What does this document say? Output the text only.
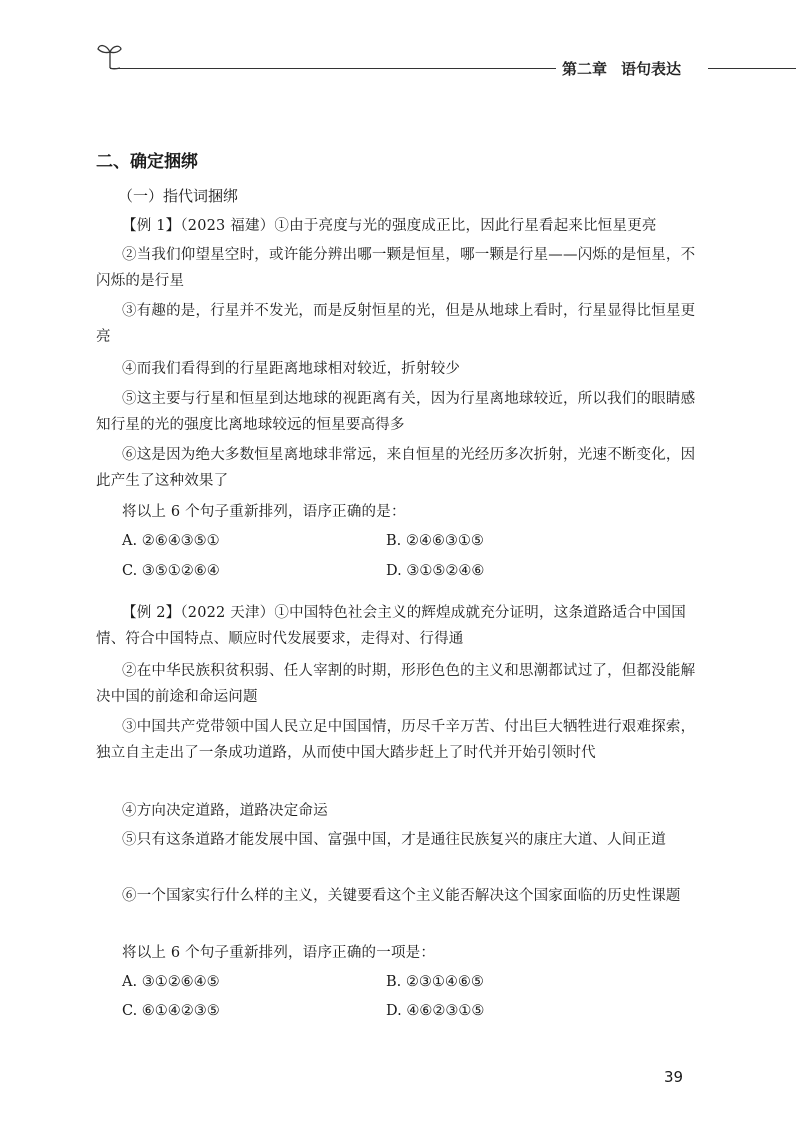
第二章 语句表达
二、确定捆绑
（一）指代词捆绑
【例 1】（2023 福建）①由于亮度与光的强度成正比，因此行星看起来比恒星更亮
②当我们仰望星空时，或许能分辨出哪一颗是恒星，哪一颗是行星——闪烁的是恒星，不闪烁的是行星
③有趣的是，行星并不发光，而是反射恒星的光，但是从地球上看时，行星显得比恒星更亮
④而我们看得到的行星距离地球相对较近，折射较少
⑤这主要与行星和恒星到达地球的视距离有关，因为行星离地球较近，所以我们的眼睛感知行星的光的强度比离地球较远的恒星要高得多
⑥这是因为绝大多数恒星离地球非常远，来自恒星的光经历多次折射，光速不断变化，因此产生了这种效果了
将以上 6 个句子重新排列，语序正确的是：
A. ②⑥④③⑤①	B. ②④⑥③①⑤
C. ③⑤①②⑥④	D. ③①⑤②④⑥
【例 2】（2022 天津）①中国特色社会主义的辉煌成就充分证明，这条道路适合中国国情、符合中国特点、顺应时代发展要求，走得对、行得通
②在中华民族积贫积弱、任人宰割的时期，形形色色的主义和思潮都试过了，但都没能解决中国的前途和命运问题
③中国共产党带领中国人民立足中国国情，历尽千辛万苦、付出巨大牺牲进行艰难探索，独立自主走出了一条成功道路，从而使中国大踏步赶上了时代并开始引领时代
④方向决定道路，道路决定命运
⑤只有这条道路才能发展中国、富强中国，才是通往民族复兴的康庄大道、人间正道
⑥一个国家实行什么样的主义，关键要看这个主义能否解决这个国家面临的历史性课题
将以上 6 个句子重新排列，语序正确的一项是：
A. ③①②⑥④⑤	B. ②③①④⑥⑤
C. ⑥①④②③⑤	D. ④⑥②③①⑤
39
